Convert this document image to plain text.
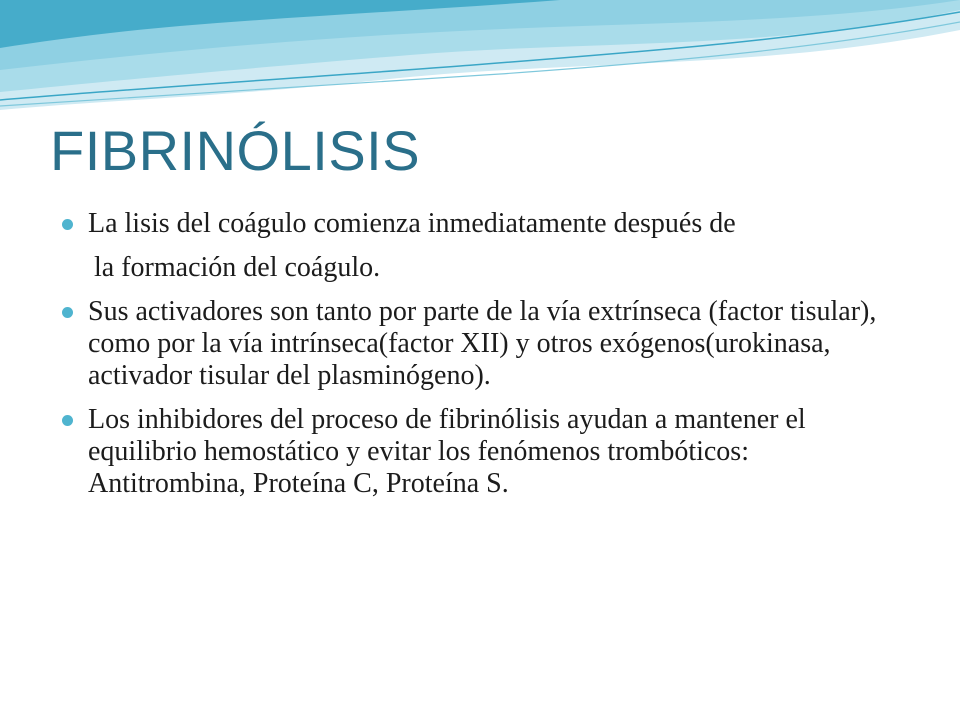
FIBRINÓLISIS
La lisis del coágulo comienza inmediatamente después de
la formación del coágulo.
Sus activadores son tanto por parte de la vía extrínseca (factor tisular), como por la vía intrínseca(factor XII) y otros exógenos(urokinasa, activador tisular del plasminógeno).
Los inhibidores del proceso de fibrinólisis ayudan a mantener el equilibrio hemostático y evitar los fenómenos trombóticos: Antitrombina, Proteína C, Proteína S.
